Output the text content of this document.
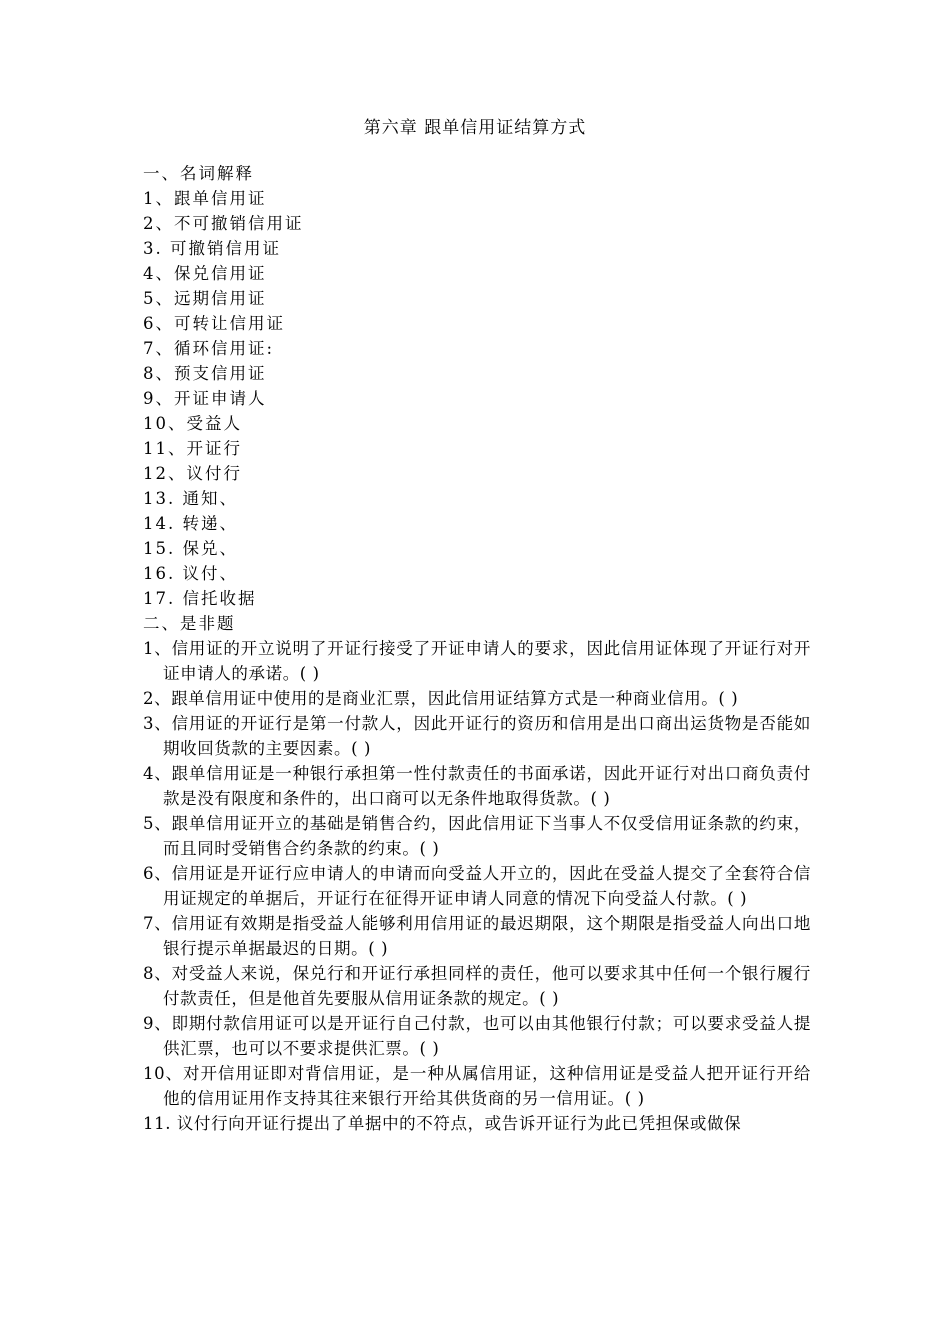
第六章 跟单信用证结算方式
一、名词解释
1、跟单信用证
2、不可撤销信用证
3. 可撤销信用证
4、保兑信用证
5、远期信用证
6、可转让信用证
7、循环信用证:
8、预支信用证
9、开证申请人
10、受益人
11、开证行
12、议付行
13. 通知、
14. 转递、
15. 保兑、
16. 议付、
17. 信托收据
二、是非题
1、信用证的开立说明了开证行接受了开证申请人的要求，因此信用证体现了开证行对开证申请人的承诺。( )
2、跟单信用证中使用的是商业汇票，因此信用证结算方式是一种商业信用。( )
3、信用证的开证行是第一付款人，因此开证行的资历和信用是出口商出运货物是否能如期收回货款的主要因素。( )
4、跟单信用证是一种银行承担第一性付款责任的书面承诺，因此开证行对出口商负责付款是没有限度和条件的，出口商可以无条件地取得货款。( )
5、跟单信用证开立的基础是销售合约，因此信用证下当事人不仅受信用证条款的约束，而且同时受销售合约条款的约束。( )
6、信用证是开证行应申请人的申请而向受益人开立的，因此在受益人提交了全套符合信用证规定的单据后，开证行在征得开证申请人同意的情况下向受益人付款。( )
7、信用证有效期是指受益人能够利用信用证的最迟期限，这个期限是指受益人向出口地银行提示单据最迟的日期。( )
8、对受益人来说，保兑行和开证行承担同样的责任，他可以要求其中任何一个银行履行付款责任，但是他首先要服从信用证条款的规定。( )
9、即期付款信用证可以是开证行自己付款，也可以由其他银行付款；可以要求受益人提供汇票，也可以不要求提供汇票。( )
10、对开信用证即对背信用证，是一种从属信用证，这种信用证是受益人把开证行开给他的信用证用作支持其往来银行开给其供货商的另一信用证。( )
11. 议付行向开证行提出了单据中的不符点，或告诉开证行为此已凭担保或做保
